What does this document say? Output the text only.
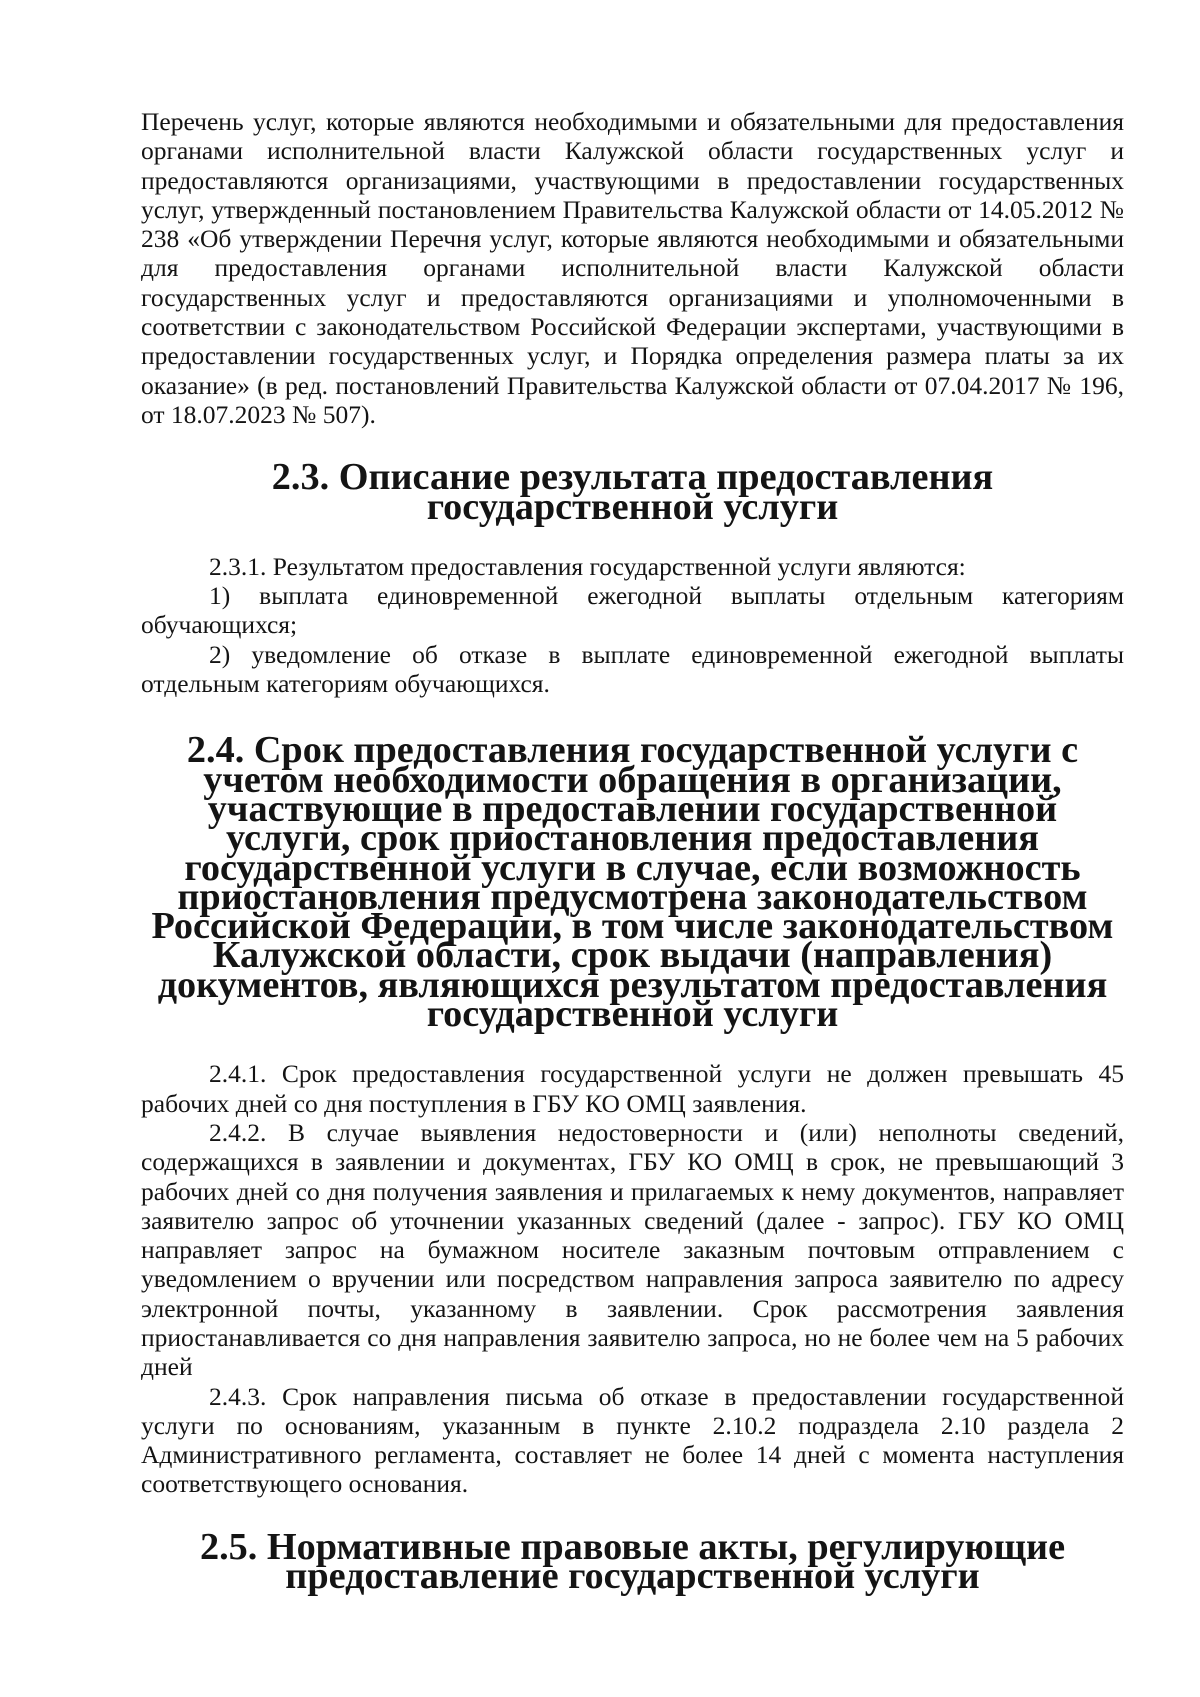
Перечень услуг, которые являются необходимыми и обязательными для предоставления органами исполнительной власти Калужской области государственных услуг и предоставляются организациями, участвующими в предоставлении государственных услуг, утвержденный постановлением Правительства Калужской области от 14.05.2012 № 238 «Об утверждении Перечня услуг, которые являются необходимыми и обязательными для предоставления органами исполнительной власти Калужской области государственных услуг и предоставляются организациями и уполномоченными в соответствии с законодательством Российской Федерации экспертами, участвующими в предоставлении государственных услуг, и Порядка определения размера платы за их оказание» (в ред. постановлений Правительства Калужской области от 07.04.2017 № 196, от 18.07.2023 № 507).

2.3. Описание результата предоставления государственной услуги

2.3.1. Результатом предоставления государственной услуги являются:

1) выплата единовременной ежегодной выплаты отдельным категориям обучающихся;

2) уведомление об отказе в выплате единовременной ежегодной выплаты отдельным категориям обучающихся.

2.4. Срок предоставления государственной услуги с учетом необходимости обращения в организации, участвующие в предоставлении государственной услуги, срок приостановления предоставления государственной услуги в случае, если возможность приостановления предусмотрена законодательством Российской Федерации, в том числе законодательством Калужской области, срок выдачи (направления) документов, являющихся результатом предоставления государственной услуги

2.4.1. Срок предоставления государственной услуги не должен превышать 45 рабочих дней со дня поступления в ГБУ КО ОМЦ заявления.

2.4.2. В случае выявления недостоверности и (или) неполноты сведений, содержащихся в заявлении и документах, ГБУ КО ОМЦ в срок, не превышающий 3 рабочих дней со дня получения заявления и прилагаемых к нему документов, направляет заявителю запрос об уточнении указанных сведений (далее - запрос). ГБУ КО ОМЦ направляет запрос на бумажном носителе заказным почтовым отправлением с уведомлением о вручении или посредством направления запроса заявителю по адресу электронной почты, указанному в заявлении. Срок рассмотрения заявления приостанавливается со дня направления заявителю запроса, но не более чем на 5 рабочих дней

2.4.3. Срок направления письма об отказе в предоставлении государственной услуги по основаниям, указанным в пункте 2.10.2 подраздела 2.10 раздела 2 Административного регламента, составляет не более 14 дней с момента наступления соответствующего основания.

2.5. Нормативные правовые акты, регулирующие предоставление государственной услуги
